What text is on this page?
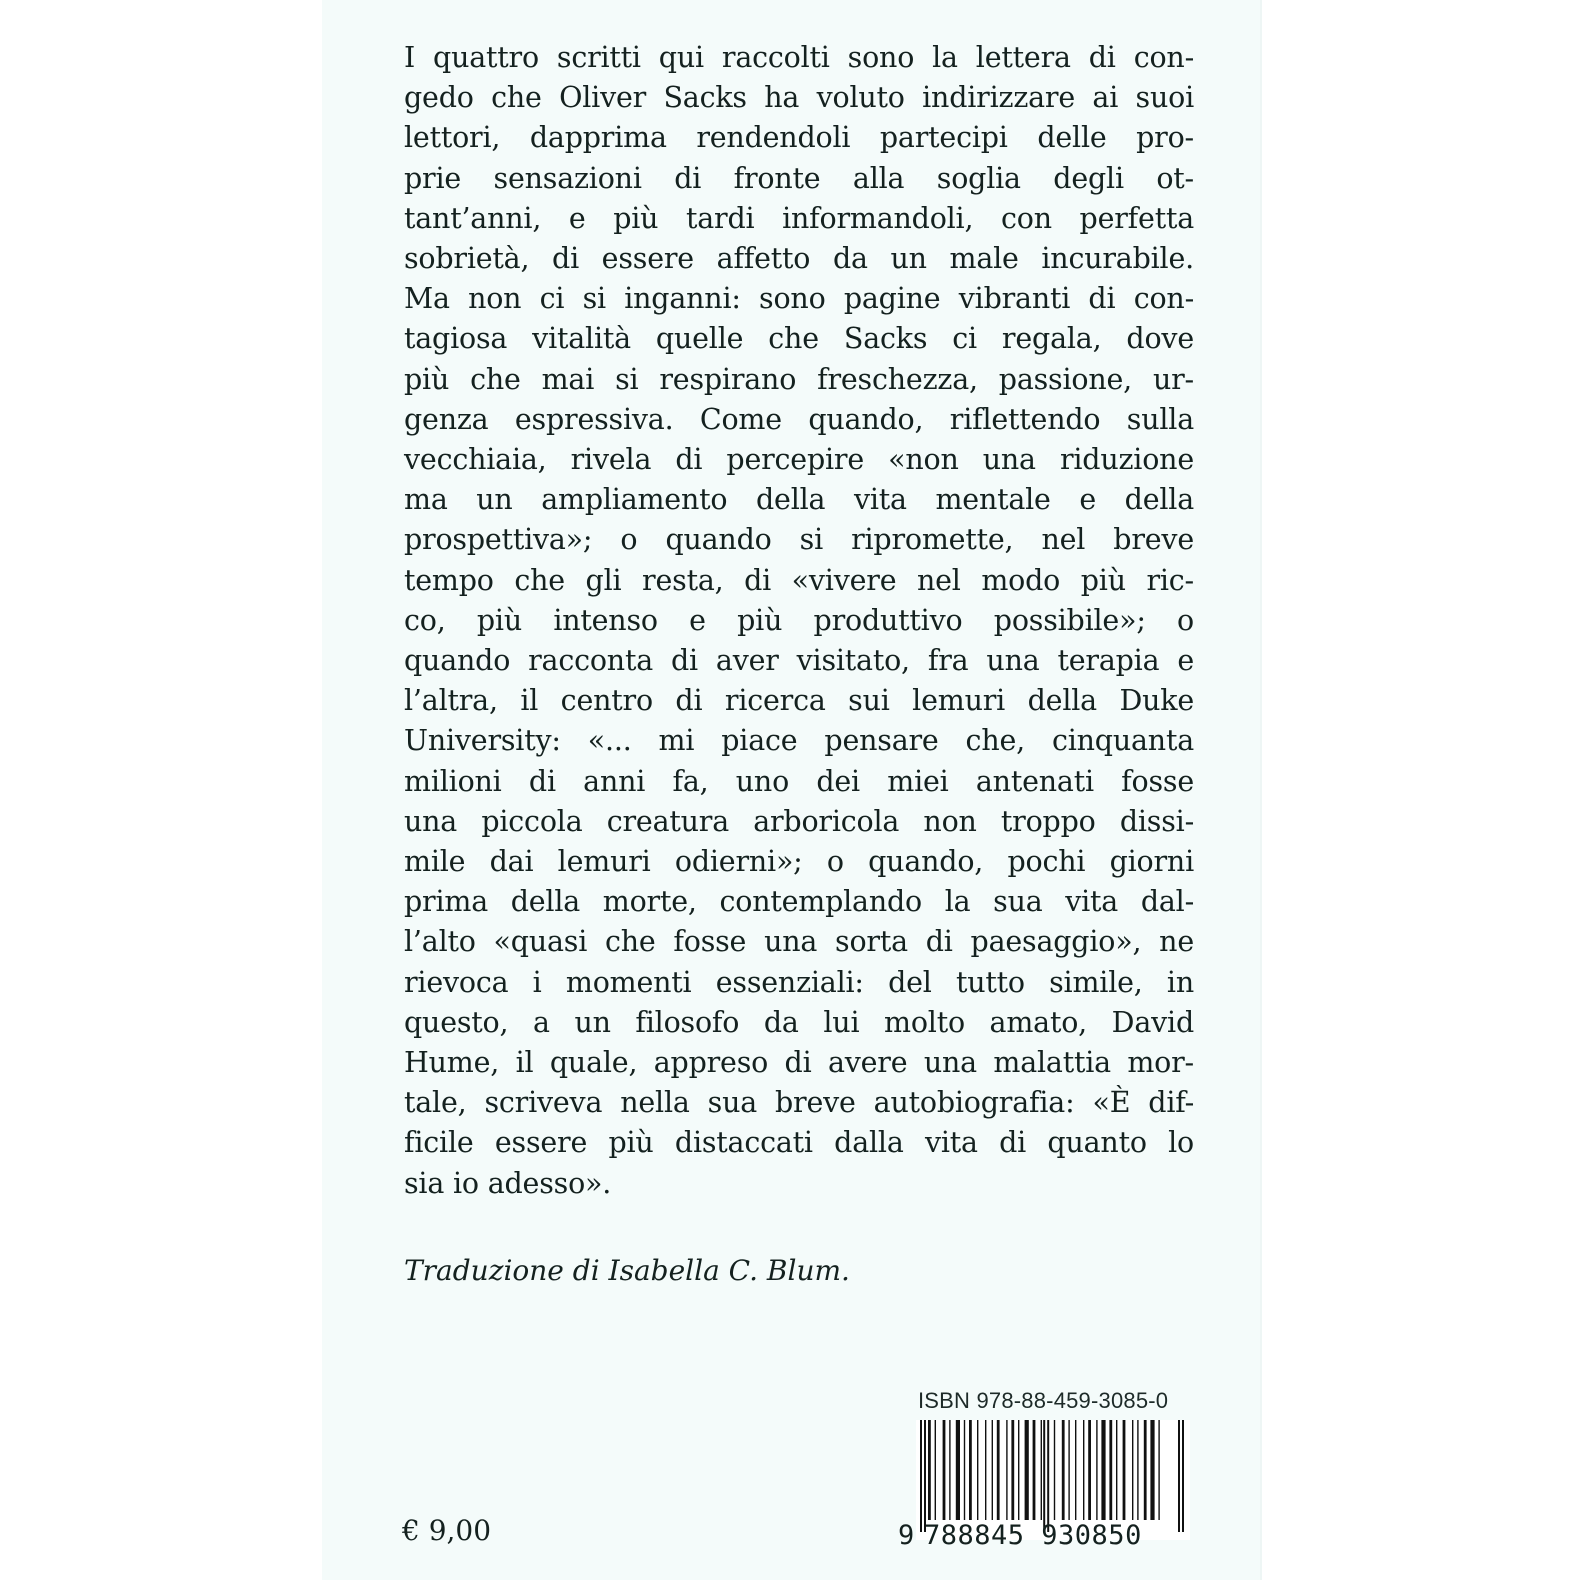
I quattro scritti qui raccolti sono la lettera di con-
gedo che Oliver Sacks ha voluto indirizzare ai suoi
lettori, dapprima rendendoli partecipi delle pro-
prie sensazioni di fronte alla soglia degli ot-
tant’anni, e più tardi informandoli, con perfetta
sobrietà, di essere affetto da un male incurabile.
Ma non ci si inganni: sono pagine vibranti di con-
tagiosa vitalità quelle che Sacks ci regala, dove
più che mai si respirano freschezza, passione, ur-
genza espressiva. Come quando, riflettendo sulla
vecchiaia, rivela di percepire «non una riduzione
ma un ampliamento della vita mentale e della
prospettiva»; o quando si ripromette, nel breve
tempo che gli resta, di «vivere nel modo più ric-
co, più intenso e più produttivo possibile»; o
quando racconta di aver visitato, fra una terapia e
l’altra, il centro di ricerca sui lemuri della Duke
University: «... mi piace pensare che, cinquanta
milioni di anni fa, uno dei miei antenati fosse
una piccola creatura arboricola non troppo dissi-
mile dai lemuri odierni»; o quando, pochi giorni
prima della morte, contemplando la sua vita dal-
l’alto «quasi che fosse una sorta di paesaggio», ne
rievoca i momenti essenziali: del tutto simile, in
questo, a un filosofo da lui molto amato, David
Hume, il quale, appreso di avere una malattia mor-
tale, scriveva nella sua breve autobiografia: «È dif-
ficile essere più distaccati dalla vita di quanto lo
sia io adesso».
Traduzione di Isabella C. Blum.
ISBN 978-88-459-3085-0
9 788845 930850
€ 9,00
